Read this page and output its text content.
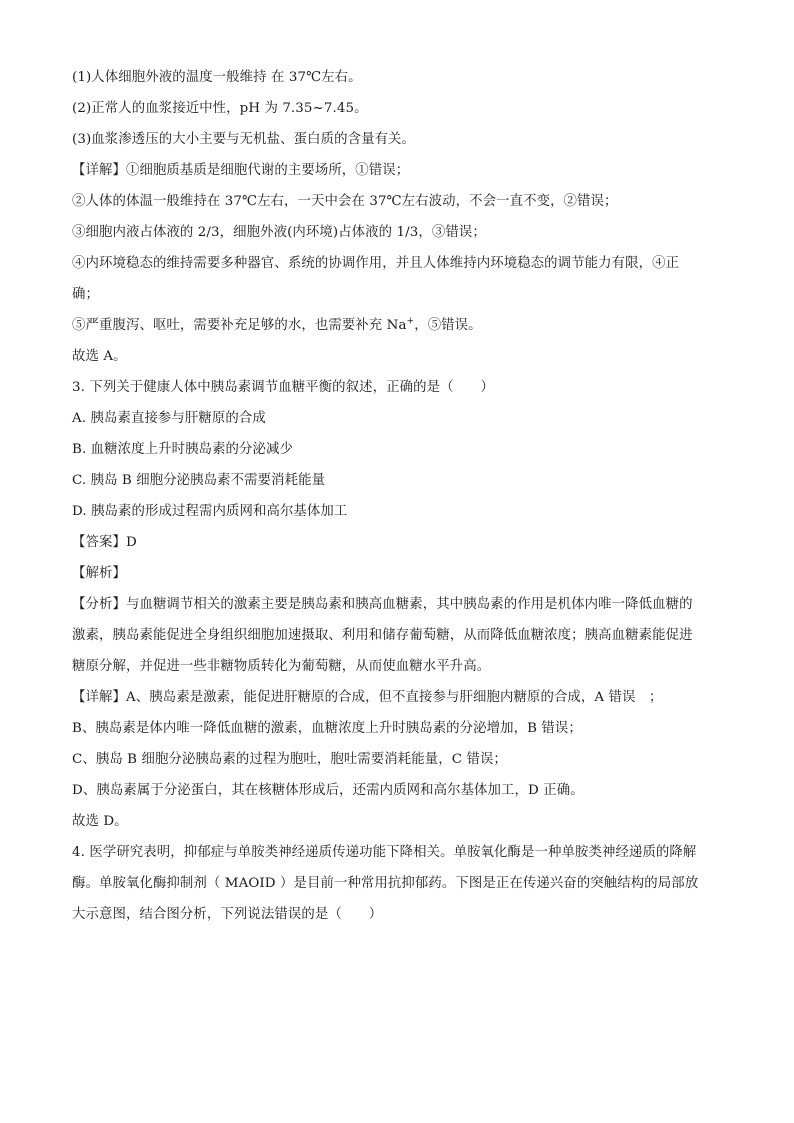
(1)人体细胞外液的温度一般维持 在 37℃左右。
(2)正常人的血浆接近中性，pH 为 7.35~7.45。
(3)血浆渗透压的大小主要与无机盐、蛋白质的含量有关。
【详解】①细胞质基质是细胞代谢的主要场所，①错误；
②人体的体温一般维持在 37℃左右，一天中会在 37℃左右波动，不会一直不变，②错误；
③细胞内液占体液的 2/3，细胞外液(内环境)占体液的 1/3，③错误；
④内环境稳态的维持需要多种器官、系统的协调作用，并且人体维持内环境稳态的调节能力有限，④正
确；
⑤严重腹泻、呕吐，需要补充足够的水，也需要补充 Na+，⑤错误。
故选 A。
3. 下列关于健康人体中胰岛素调节血糖平衡的叙述，正确的是（　　）
A. 胰岛素直接参与肝糖原的合成
B. 血糖浓度上升时胰岛素的分泌减少
C. 胰岛 B 细胞分泌胰岛素不需要消耗能量
D. 胰岛素的形成过程需内质网和高尔基体加工
【答案】D
【解析】
【分析】与血糖调节相关的激素主要是胰岛素和胰高血糖素，其中胰岛素的作用是机体内唯一降低血糖的
激素，胰岛素能促进全身组织细胞加速摄取、利用和储存葡萄糖，从而降低血糖浓度；胰高血糖素能促进
糖原分解，并促进一些非糖物质转化为葡萄糖，从而使血糖水平升高。
【详解】A、胰岛素是激素，能促进肝糖原的合成，但不直接参与肝细胞内糖原的合成，A 错误　；
B、胰岛素是体内唯一降低血糖的激素，血糖浓度上升时胰岛素的分泌增加，B 错误；
C、胰岛 B 细胞分泌胰岛素的过程为胞吐，胞吐需要消耗能量，C 错误；
D、胰岛素属于分泌蛋白，其在核糖体形成后，还需内质网和高尔基体加工，D 正确。
故选 D。
4. 医学研究表明，抑郁症与单胺类神经递质传递功能下降相关。单胺氧化酶是一种单胺类神经递质的降解
酶。单胺氧化酶抑制剂（ MAOID ）是目前一种常用抗抑郁药。下图是正在传递兴奋的突触结构的局部放
大示意图，结合图分析，下列说法错误的是（　　）
